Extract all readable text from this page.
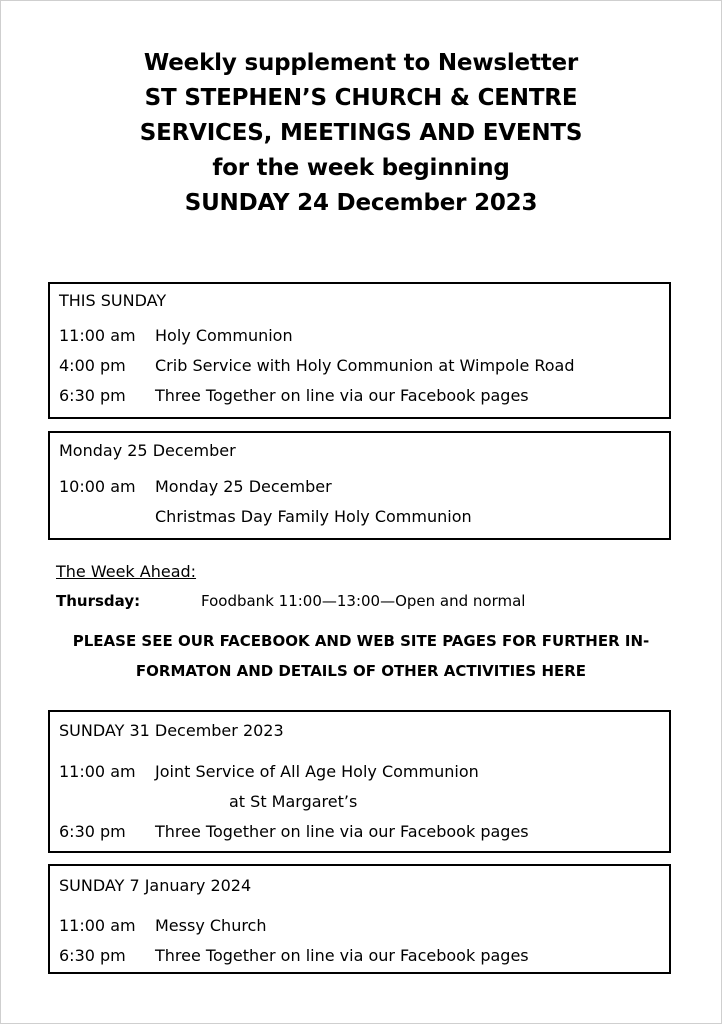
Weekly supplement to Newsletter
ST STEPHEN’S CHURCH & CENTRE
SERVICES, MEETINGS AND EVENTS
for the week beginning
SUNDAY 24 December 2023
THIS SUNDAY
11:00 am Holy Communion
4:00 pm Crib Service with Holy Communion at Wimpole Road
6:30 pm Three Together on line via our Facebook pages
Monday 25 December
10:00 am Monday 25 December
Christmas Day Family Holy Communion
The Week Ahead:
Thursday:	Foodbank 11:00—13:00—Open and normal
PLEASE SEE OUR FACEBOOK AND WEB SITE PAGES FOR FURTHER IN-
FORMATON AND DETAILS OF OTHER ACTIVITIES HERE
SUNDAY 31 December 2023
11:00 am Joint Service of All Age Holy Communion
at St Margaret’s
6:30 pm Three Together on line via our Facebook pages
SUNDAY 7 January 2024
11:00 am Messy Church
6:30 pm Three Together on line via our Facebook pages
